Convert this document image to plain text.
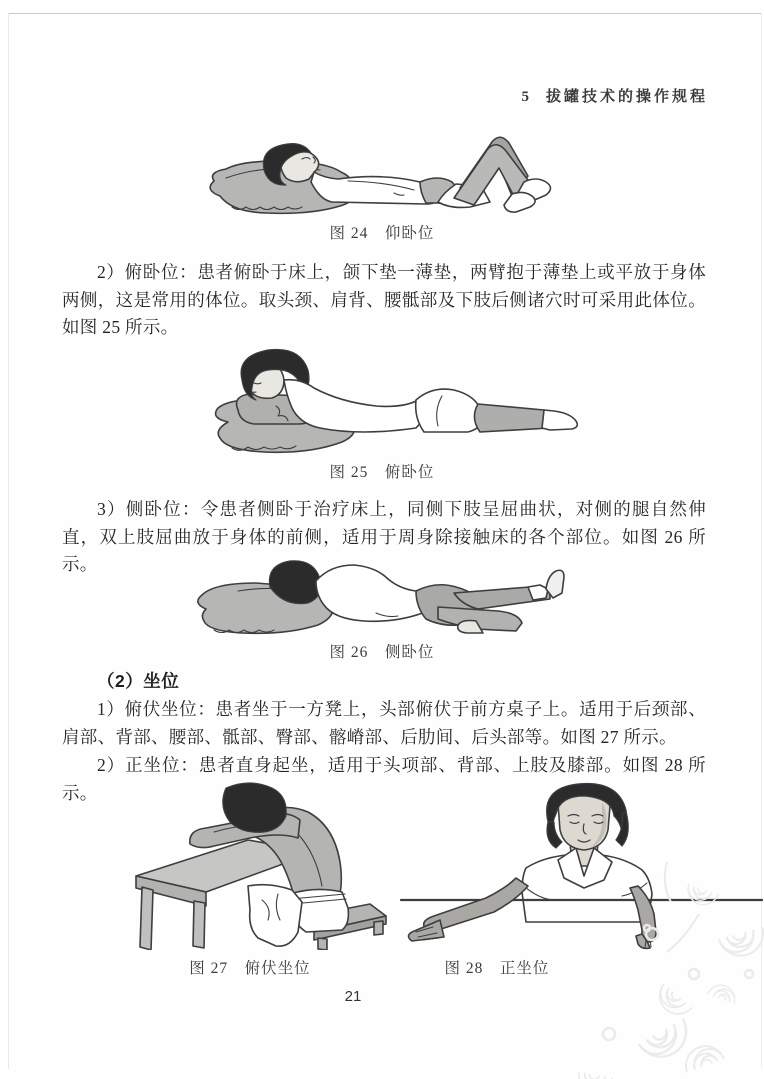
5 拔罐技术的操作规程
图 24　仰卧位
2）俯卧位：患者俯卧于床上，颌下垫一薄垫，两臂抱于薄垫上或平放于身体两侧，这是常用的体位。取头颈、肩背、腰骶部及下肢后侧诸穴时可采用此体位。如图 25 所示。
图 25　俯卧位
3）侧卧位：令患者侧卧于治疗床上，同侧下肢呈屈曲状，对侧的腿自然伸直，双上肢屈曲放于身体的前侧，适用于周身除接触床的各个部位。如图 26 所示。
图 26　侧卧位
（2）坐位
1）俯伏坐位：患者坐于一方凳上，头部俯伏于前方桌子上。适用于后颈部、肩部、背部、腰部、骶部、臀部、髂嵴部、后肋间、后头部等。如图 27 所示。
2）正坐位：患者直身起坐，适用于头项部、背部、上肢及膝部。如图 28 所示。
图 27　俯伏坐位	图 28　正坐位
21
